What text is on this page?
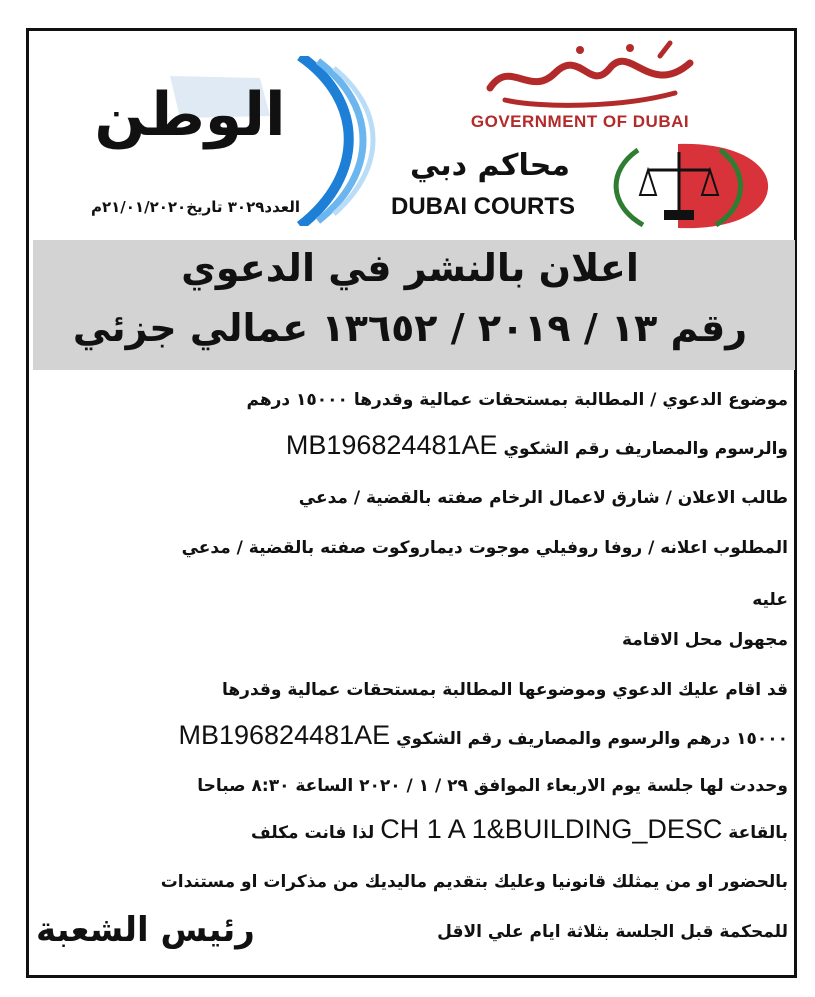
GOVERNMENT OF DUBAI
محاكم دبي
DUBAI COURTS
الوطن
العدد٣٠٢٩ تاريخ٢١/٠١/٢٠٢٠م
اعلان بالنشر في الدعوي
رقم ١٣ / ٢٠١٩ / ١٣٦٥٢ عمالي جزئي
موضوع الدعوي / المطالبة بمستحقات عمالية وقدرها ١٥٠٠٠ درهم
والرسوم والمصاريف رقم الشكوي MB196824481AE
طالب الاعلان / شارق لاعمال الرخام صفته بالقضية / مدعي
المطلوب اعلانه / روفا روفيلي موجوت ديماروكوت صفته بالقضية / مدعي
عليه
مجهول محل الاقامة
قد اقام عليك الدعوي وموضوعها المطالبة بمستحقات عمالية وقدرها
١٥٠٠٠ درهم والرسوم والمصاريف رقم الشكوي MB196824481AE
وحددت لها جلسة يوم الاربعاء الموافق ٢٩ / ١ / ٢٠٢٠ الساعة ٨:٣٠ صباحا
بالقاعة CH 1 A 1&BUILDING_DESC لذا فانت مكلف
بالحضور او من يمثلك قانونيا وعليك بتقديم ماليديك من مذكرات او مستندات
للمحكمة قبل الجلسة بثلاثة ايام علي الاقل
رئيس الشعبة
